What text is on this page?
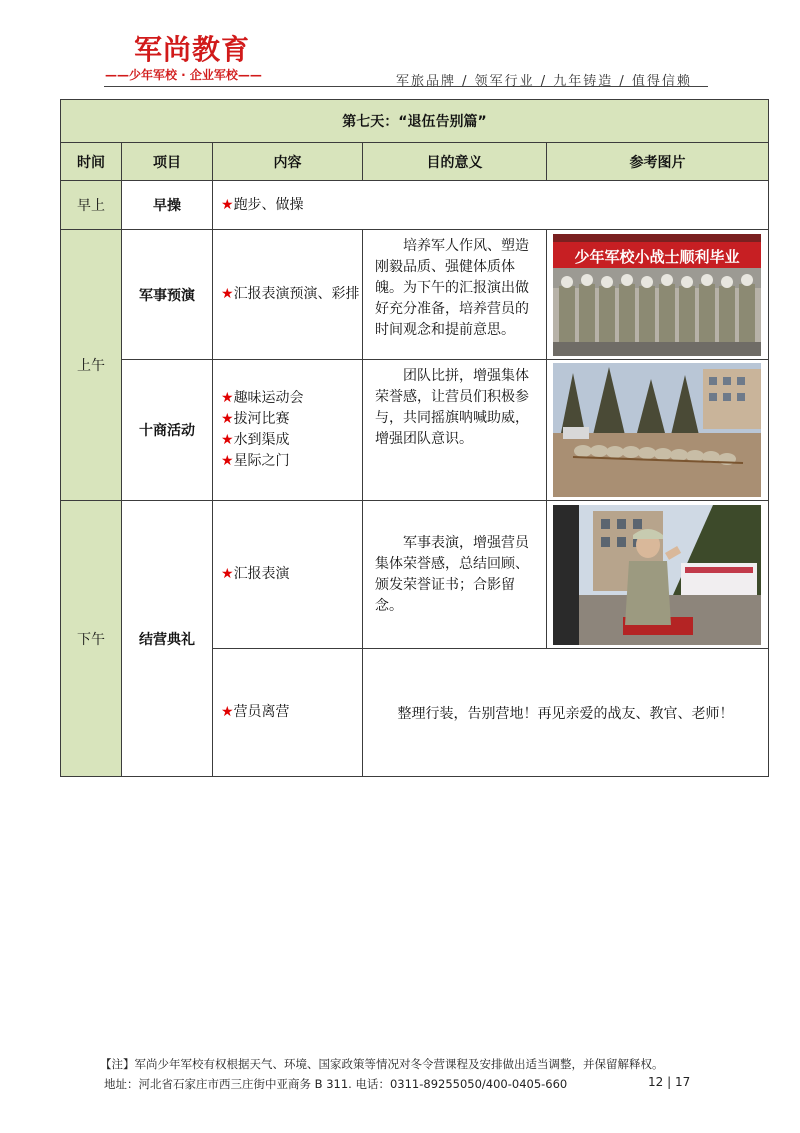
军尚教育
——少年军校 · 企业军校——	军旅品牌 / 领军行业 / 九年铸造 / 值得信赖
第七天：“退伍告别篇”				
时间	项目	内容	目的意义	参考图片
早上	早操	★跑步、做操		
上午	军事预演	★汇报表演预演、彩排	培养军人作风、塑造刚毅品质、强健体质体魄。为下午的汇报演出做好充分准备，培养营员的时间观念和提前意思。	少年军校小战士顺利毕业

	十商活动	★趣味运动会
★拔河比赛
★水到渠成
★星际之门	团队比拼，增强集体荣誉感，让营员们积极参与，共同摇旗呐喊助威，增强团队意识。	

下午	结营典礼	★汇报表演	军事表演，增强营员集体荣誉感，总结回顾、颁发荣誉证书；合影留念。	

		★营员离营	整理行装，告别营地！再见亲爱的战友、教官、老师！	
【注】军尚少年军校有权根据天气、环境、国家政策等情况对冬令营课程及安排做出适当调整，并保留解释权。
地址：河北省石家庄市西三庄街中亚商务 B 311. 电话：0311-89255050/400-0405-660	12 | 17
